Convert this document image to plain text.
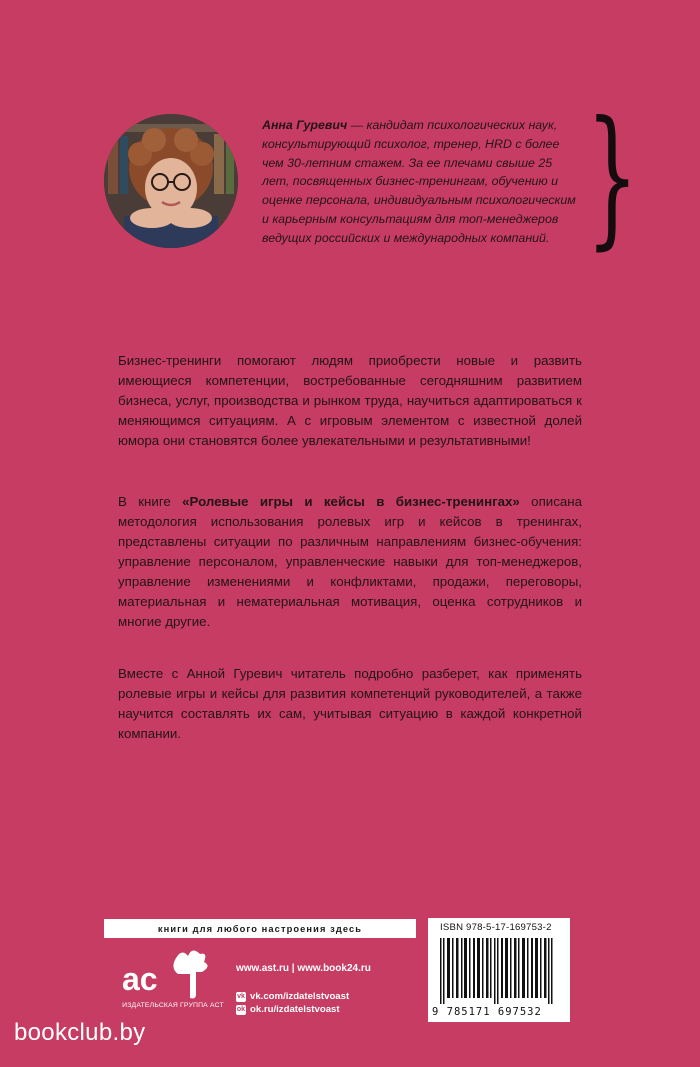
Анна Гуревич — кандидат психологических наук, консультирующий психолог, тренер, HRD с более чем 30-летним стажем. За ее плечами свыше 25 лет, посвященных бизнес-тренингам, обучению и оценке персонала, индивидуальным психологическим и карьерным консультациям для топ-менеджеров ведущих российских и международных компаний. }
Бизнес-тренинги помогают людям приобрести новые и развить имеющиеся компетенции, востребованные сегодняшним развитием бизнеса, услуг, производства и рынком труда, научиться адаптироваться к меняющимся ситуациям. А с игровым элементом с известной долей юмора они становятся более увлекательными и результативными!
В книге «Ролевые игры и кейсы в бизнес-тренингах» описана методология использования ролевых игр и кейсов в тренингах, представлены ситуации по различным направлениям бизнес-обучения: управление персоналом, управленческие навыки для топ-менеджеров, управление изменениями и конфликтами, продажи, переговоры, материальная и нематериальная мотивация, оценка сотрудников и многие другие.
Вместе с Анной Гуревич читатель подробно разберет, как применять ролевые игры и кейсы для развития компетенций руководителей, а также научится составлять их сам, учитывая ситуацию в каждой конкретной компании.
книги для любого настроения здесь
ac
ИЗДАТЕЛЬСКАЯ ГРУППА АСТ
www.ast.ru | www.book24.ru
vk vk.com/izdatelstvoast
ok ok.ru/izdatelstvoast
ISBN 978-5-17-169753-2
9 785171 697532
bookclub.by
